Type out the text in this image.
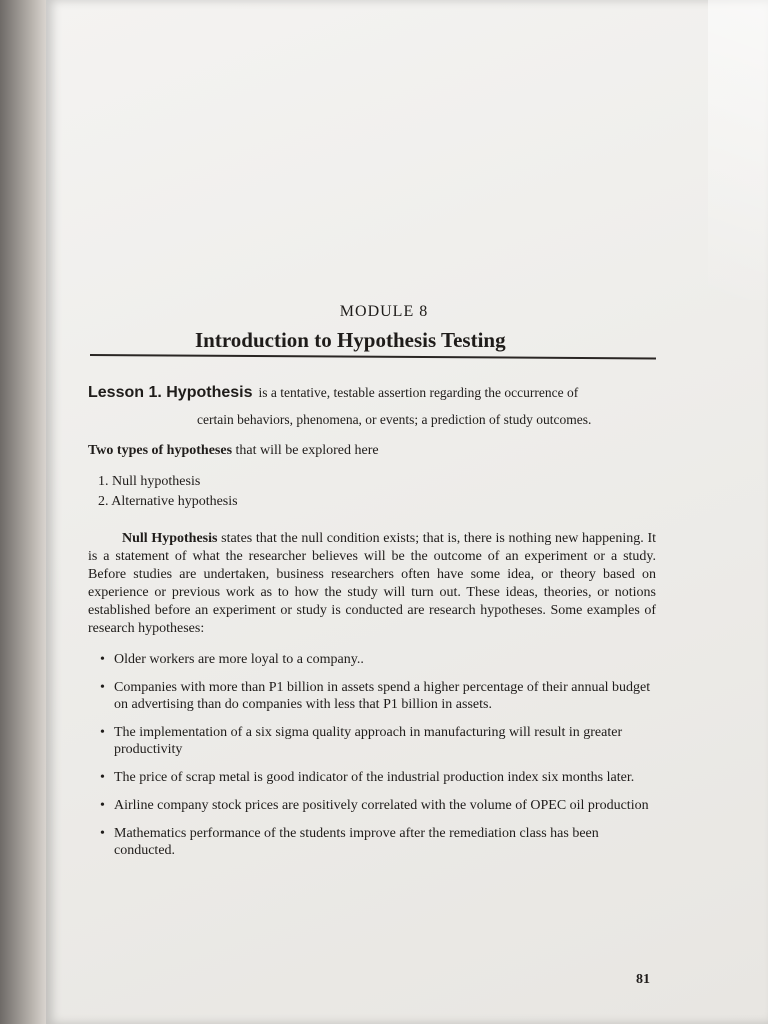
MODULE 8
Introduction to Hypothesis Testing
Lesson 1. Hypothesis is a tentative, testable assertion regarding the occurrence of
certain behaviors, phenomena, or events; a prediction of study outcomes.
Two types of hypotheses that will be explored here
1. Null hypothesis
2. Alternative hypothesis
Null Hypothesis states that the null condition exists; that is, there is nothing new happening. It is a statement of what the researcher believes will be the outcome of an experiment or a study. Before studies are undertaken, business researchers often have some idea, or theory based on experience or previous work as to how the study will turn out. These ideas, theories, or notions established before an experiment or study is conducted are research hypotheses. Some examples of research hypotheses:
• Older workers are more loyal to a company..
• Companies with more than P1 billion in assets spend a higher percentage of their annual budget on advertising than do companies with less that P1 billion in assets.
• The implementation of a six sigma quality approach in manufacturing will result in greater productivity
• The price of scrap metal is good indicator of the industrial production index six months later.
• Airline company stock prices are positively correlated with the volume of OPEC oil production
• Mathematics performance of the students improve after the remediation class has been conducted.
81
